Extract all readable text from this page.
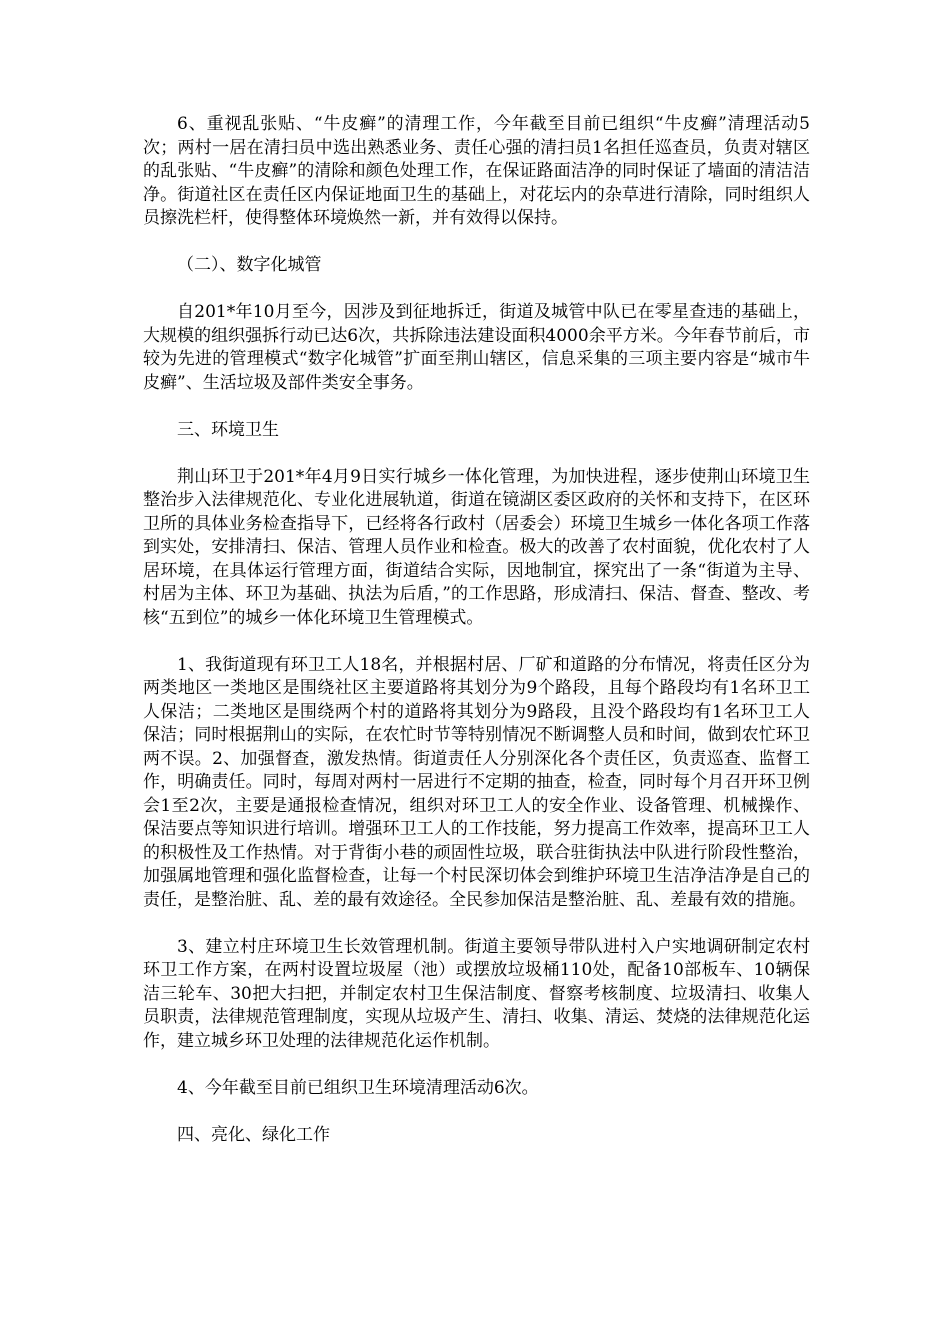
6、重视乱张贴、“牛皮癣”的清理工作，今年截至目前已组织“牛皮癣”清理活动5次；两村一居在清扫员中选出熟悉业务、责任心强的清扫员1名担任巡查员，负责对辖区的乱张贴、“牛皮癣”的清除和颜色处理工作，在保证路面洁净的同时保证了墙面的清洁洁净。街道社区在责任区内保证地面卫生的基础上，对花坛内的杂草进行清除，同时组织人员擦洗栏杆，使得整体环境焕然一新，并有效得以保持。

（二）、数字化城管

自201*年10月至今，因涉及到征地拆迁，街道及城管中队已在零星查违的基础上，大规模的组织强拆行动已达6次，共拆除违法建设面积4000余平方米。今年春节前后，市较为先进的管理模式“数字化城管”扩面至荆山辖区，信息采集的三项主要内容是“城市牛皮癣”、生活垃圾及部件类安全事务。

三、环境卫生

荆山环卫于201*年4月9日实行城乡一体化管理，为加快进程，逐步使荆山环境卫生整治步入法律规范化、专业化进展轨道，街道在镜湖区委区政府的关怀和支持下，在区环卫所的具体业务检查指导下，已经将各行政村（居委会）环境卫生城乡一体化各项工作落到实处，安排清扫、保洁、管理人员作业和检查。极大的改善了农村面貌，优化农村了人居环境，在具体运行管理方面，街道结合实际，因地制宜，探究出了一条“街道为主导、村居为主体、环卫为基础、执法为后盾，”的工作思路，形成清扫、保洁、督查、整改、考核“五到位”的城乡一体化环境卫生管理模式。

1、我街道现有环卫工人18名，并根据村居、厂矿和道路的分布情况，将责任区分为两类地区一类地区是围绕社区主要道路将其划分为9个路段，且每个路段均有1名环卫工人保洁；二类地区是围绕两个村的道路将其划分为9路段，且没个路段均有1名环卫工人保洁；同时根据荆山的实际，在农忙时节等特别情况不断调整人员和时间，做到农忙环卫两不误。2、加强督查，激发热情。街道责任人分别深化各个责任区，负责巡查、监督工作，明确责任。同时，每周对两村一居进行不定期的抽查，检查，同时每个月召开环卫例会1至2次，主要是通报检查情况，组织对环卫工人的安全作业、设备管理、机械操作、保洁要点等知识进行培训。增强环卫工人的工作技能，努力提高工作效率，提高环卫工人的积极性及工作热情。对于背街小巷的顽固性垃圾，联合驻街执法中队进行阶段性整治，加强属地管理和强化监督检查，让每一个村民深切体会到维护环境卫生洁净洁净是自己的责任，是整治脏、乱、差的最有效途径。全民参加保洁是整治脏、乱、差最有效的措施。

3、建立村庄环境卫生长效管理机制。街道主要领导带队进村入户实地调研制定农村环卫工作方案，在两村设置垃圾屋（池）或摆放垃圾桶110处，配备10部板车、10辆保洁三轮车、30把大扫把，并制定农村卫生保洁制度、督察考核制度、垃圾清扫、收集人员职责，法律规范管理制度，实现从垃圾产生、清扫、收集、清运、焚烧的法律规范化运作，建立城乡环卫处理的法律规范化运作机制。

4、今年截至目前已组织卫生环境清理活动6次。

四、亮化、绿化工作
